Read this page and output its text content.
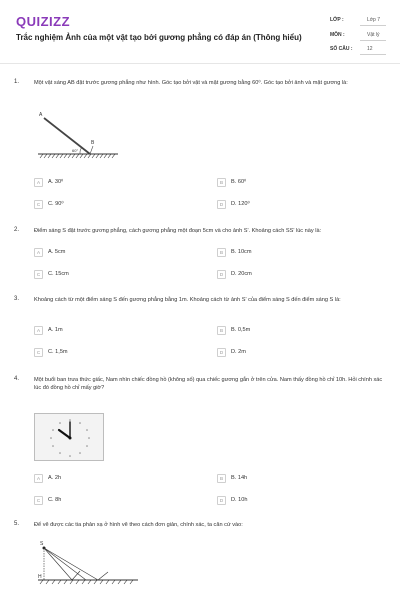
QUIZIZZ
Trắc nghiệm Ảnh của một vật tạo bởi gương phẳng có đáp án (Thông hiểu)
LỚP :	Lớp 7
MÔN :	Vật lý
SỐ CÂU :	12
1.	Một vật sáng AB đặt trước gương phẳng như hình. Góc tạo bởi vật và mặt gương bằng 60⁰. Góc tạo bởi ảnh và mặt gương là:
A
B
60°
A	A. 30⁰	B	B. 60⁰
C	C. 90⁰	D	D. 120⁰
2.	Điểm sáng S đặt trước gương phẳng, cách gương phẳng một đoạn 5cm và cho ảnh S'. Khoảng cách SS' lúc này là:
A	A. 5cm	B	B. 10cm
C	C. 15cm	D	D. 20cm
3.	Khoảng cách từ một điểm sáng S đến gương phẳng bằng 1m. Khoảng cách từ ảnh S' của điểm sáng S đến điểm sáng S là:
A	A. 1m	B	B. 0,5m
C	C. 1,5m	D	D. 2m
4.	Một buổi ban trưa thức giấc, Nam nhìn chiếc đồng hồ (không số) qua chiếc gương gắn ở trên cửa. Nam thấy đồng hồ chỉ 10h. Hỏi chính xác lúc đó đồng hồ chỉ mấy giờ?
A	A. 2h	B	B. 14h
C	C. 8h	D	D. 10h
5.	Để vẽ được các tia phản xạ ở hình vẽ theo cách đơn giản, chính xác, ta căn cứ vào:
S
H
